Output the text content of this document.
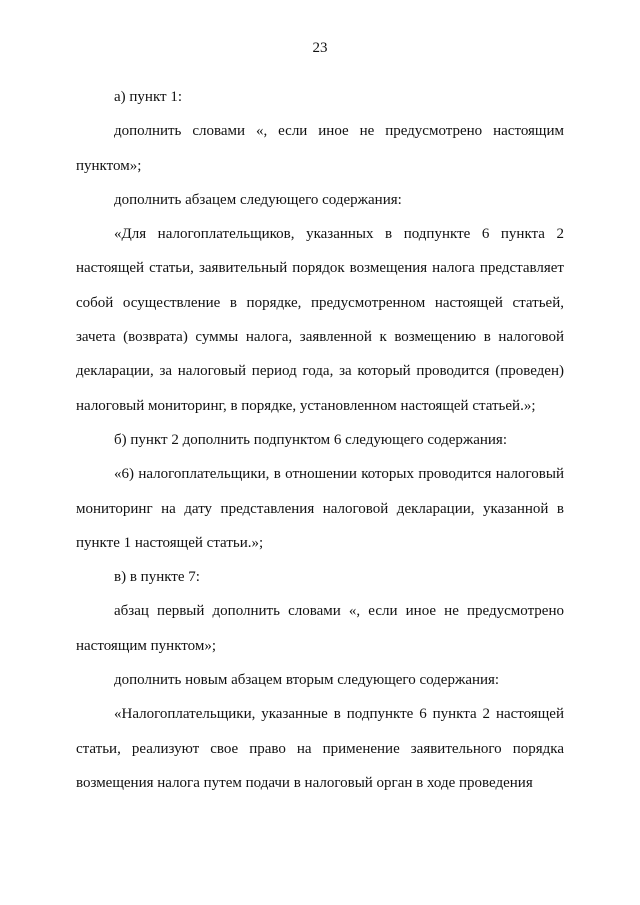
23

а) пункт 1:

дополнить словами «, если иное не предусмотрено настоящим пунктом»;

дополнить абзацем следующего содержания:

«Для налогоплательщиков, указанных в подпункте 6 пункта 2 настоящей статьи, заявительный порядок возмещения налога представляет собой осуществление в порядке, предусмотренном настоящей статьей, зачета (возврата) суммы налога, заявленной к возмещению в налоговой декларации, за налоговый период года, за который проводится (проведен) налоговый мониторинг, в порядке, установленном настоящей статьей.»;

б) пункт 2 дополнить подпунктом 6 следующего содержания:

«6) налогоплательщики, в отношении которых проводится налоговый мониторинг на дату представления налоговой декларации, указанной в пункте 1 настоящей статьи.»;

в) в пункте 7:

абзац первый дополнить словами «, если иное не предусмотрено настоящим пунктом»;

дополнить новым абзацем вторым следующего содержания:

«Налогоплательщики, указанные в подпункте 6 пункта 2 настоящей статьи, реализуют свое право на применение заявительного порядка возмещения налога путем подачи в налоговый орган в ходе проведения
